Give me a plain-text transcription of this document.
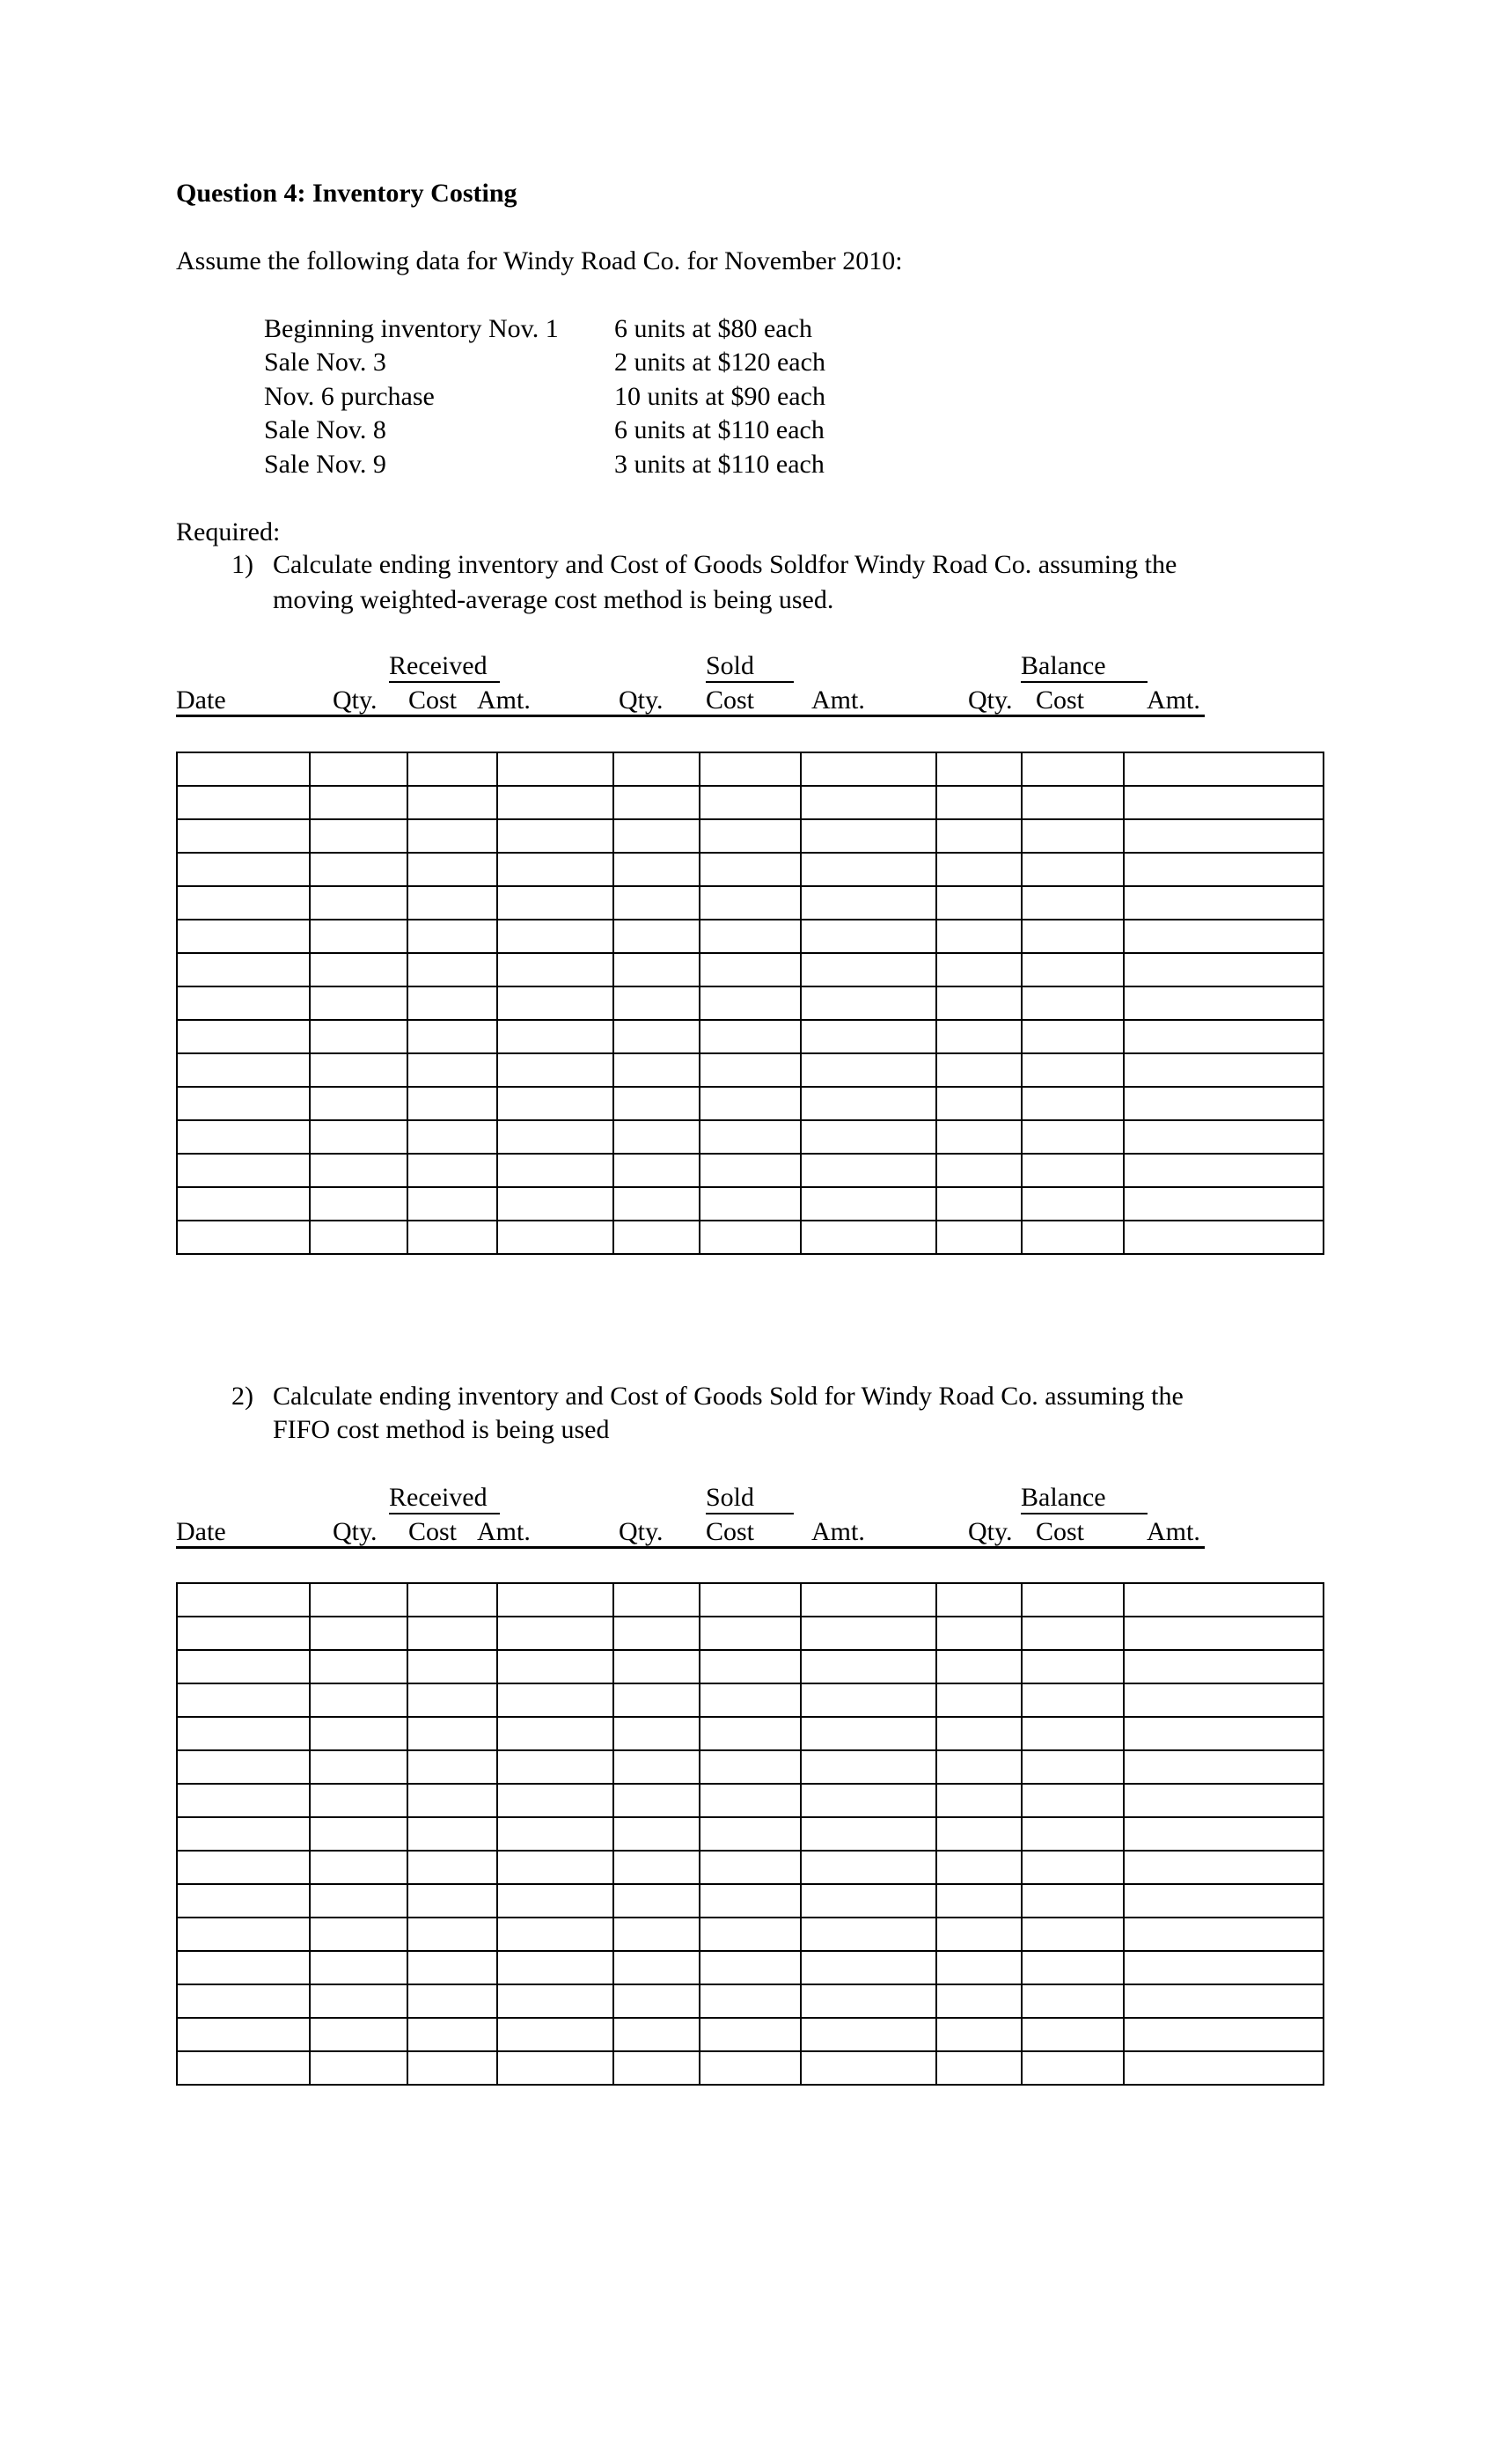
Question 4: Inventory Costing
Assume the following data for Windy Road Co. for November 2010:
Beginning inventory Nov. 1 6 units at $80 each
Sale Nov. 3	2 units at $120 each
Nov. 6 purchase	10 units at $90 each
Sale Nov. 8	6 units at $110 each
Sale Nov. 9	3 units at $110 each
Required:
1) Calculate ending inventory and Cost of Goods Soldfor Windy Road Co. assuming the
moving weighted-average cost method is being used.
2) Calculate ending inventory and Cost of Goods Sold for Windy Road Co. assuming the
FIFO cost method is being used
Received	Sold	Balance
Date	Qty. Cost Amt.	Qty. Cost Amt.	Qty. Cost Amt.
Received	Sold	Balance
Date	Qty. Cost Amt.	Qty. Cost Amt.	Qty. Cost Amt.
